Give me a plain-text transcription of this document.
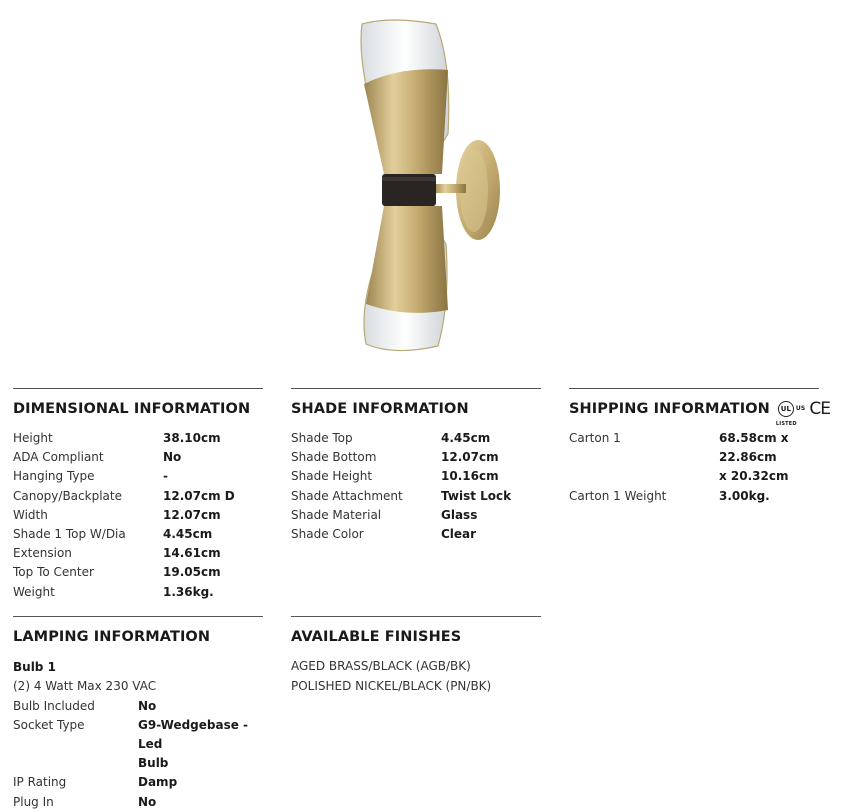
DIMENSIONAL INFORMATION
Height	38.10cm
ADA Compliant	No
Hanging Type	-
Canopy/Backplate	12.07cm D
Width	12.07cm
Shade 1 Top W/Dia	4.45cm
Extension	14.61cm
Top To Center	19.05cm
Weight	1.36kg.
SHADE INFORMATION
Shade Top	4.45cm
Shade Bottom	12.07cm
Shade Height	10.16cm
Shade Attachment	Twist Lock
Shade Material	Glass
Shade Color	Clear
SHIPPING INFORMATION	UL
LISTED
US CE
Carton 1	68.58cm x 22.86cm
x 20.32cm
Carton 1 Weight	3.00kg.
LAMPING INFORMATION
Bulb 1
(2) 4 Watt Max 230 VAC
Bulb Included	No
Socket Type	G9-Wedgebase - Led
Bulb
IP Rating	Damp
Plug In	No
AVAILABLE FINISHES
AGED BRASS/BLACK (AGB/BK)
POLISHED NICKEL/BLACK (PN/BK)
